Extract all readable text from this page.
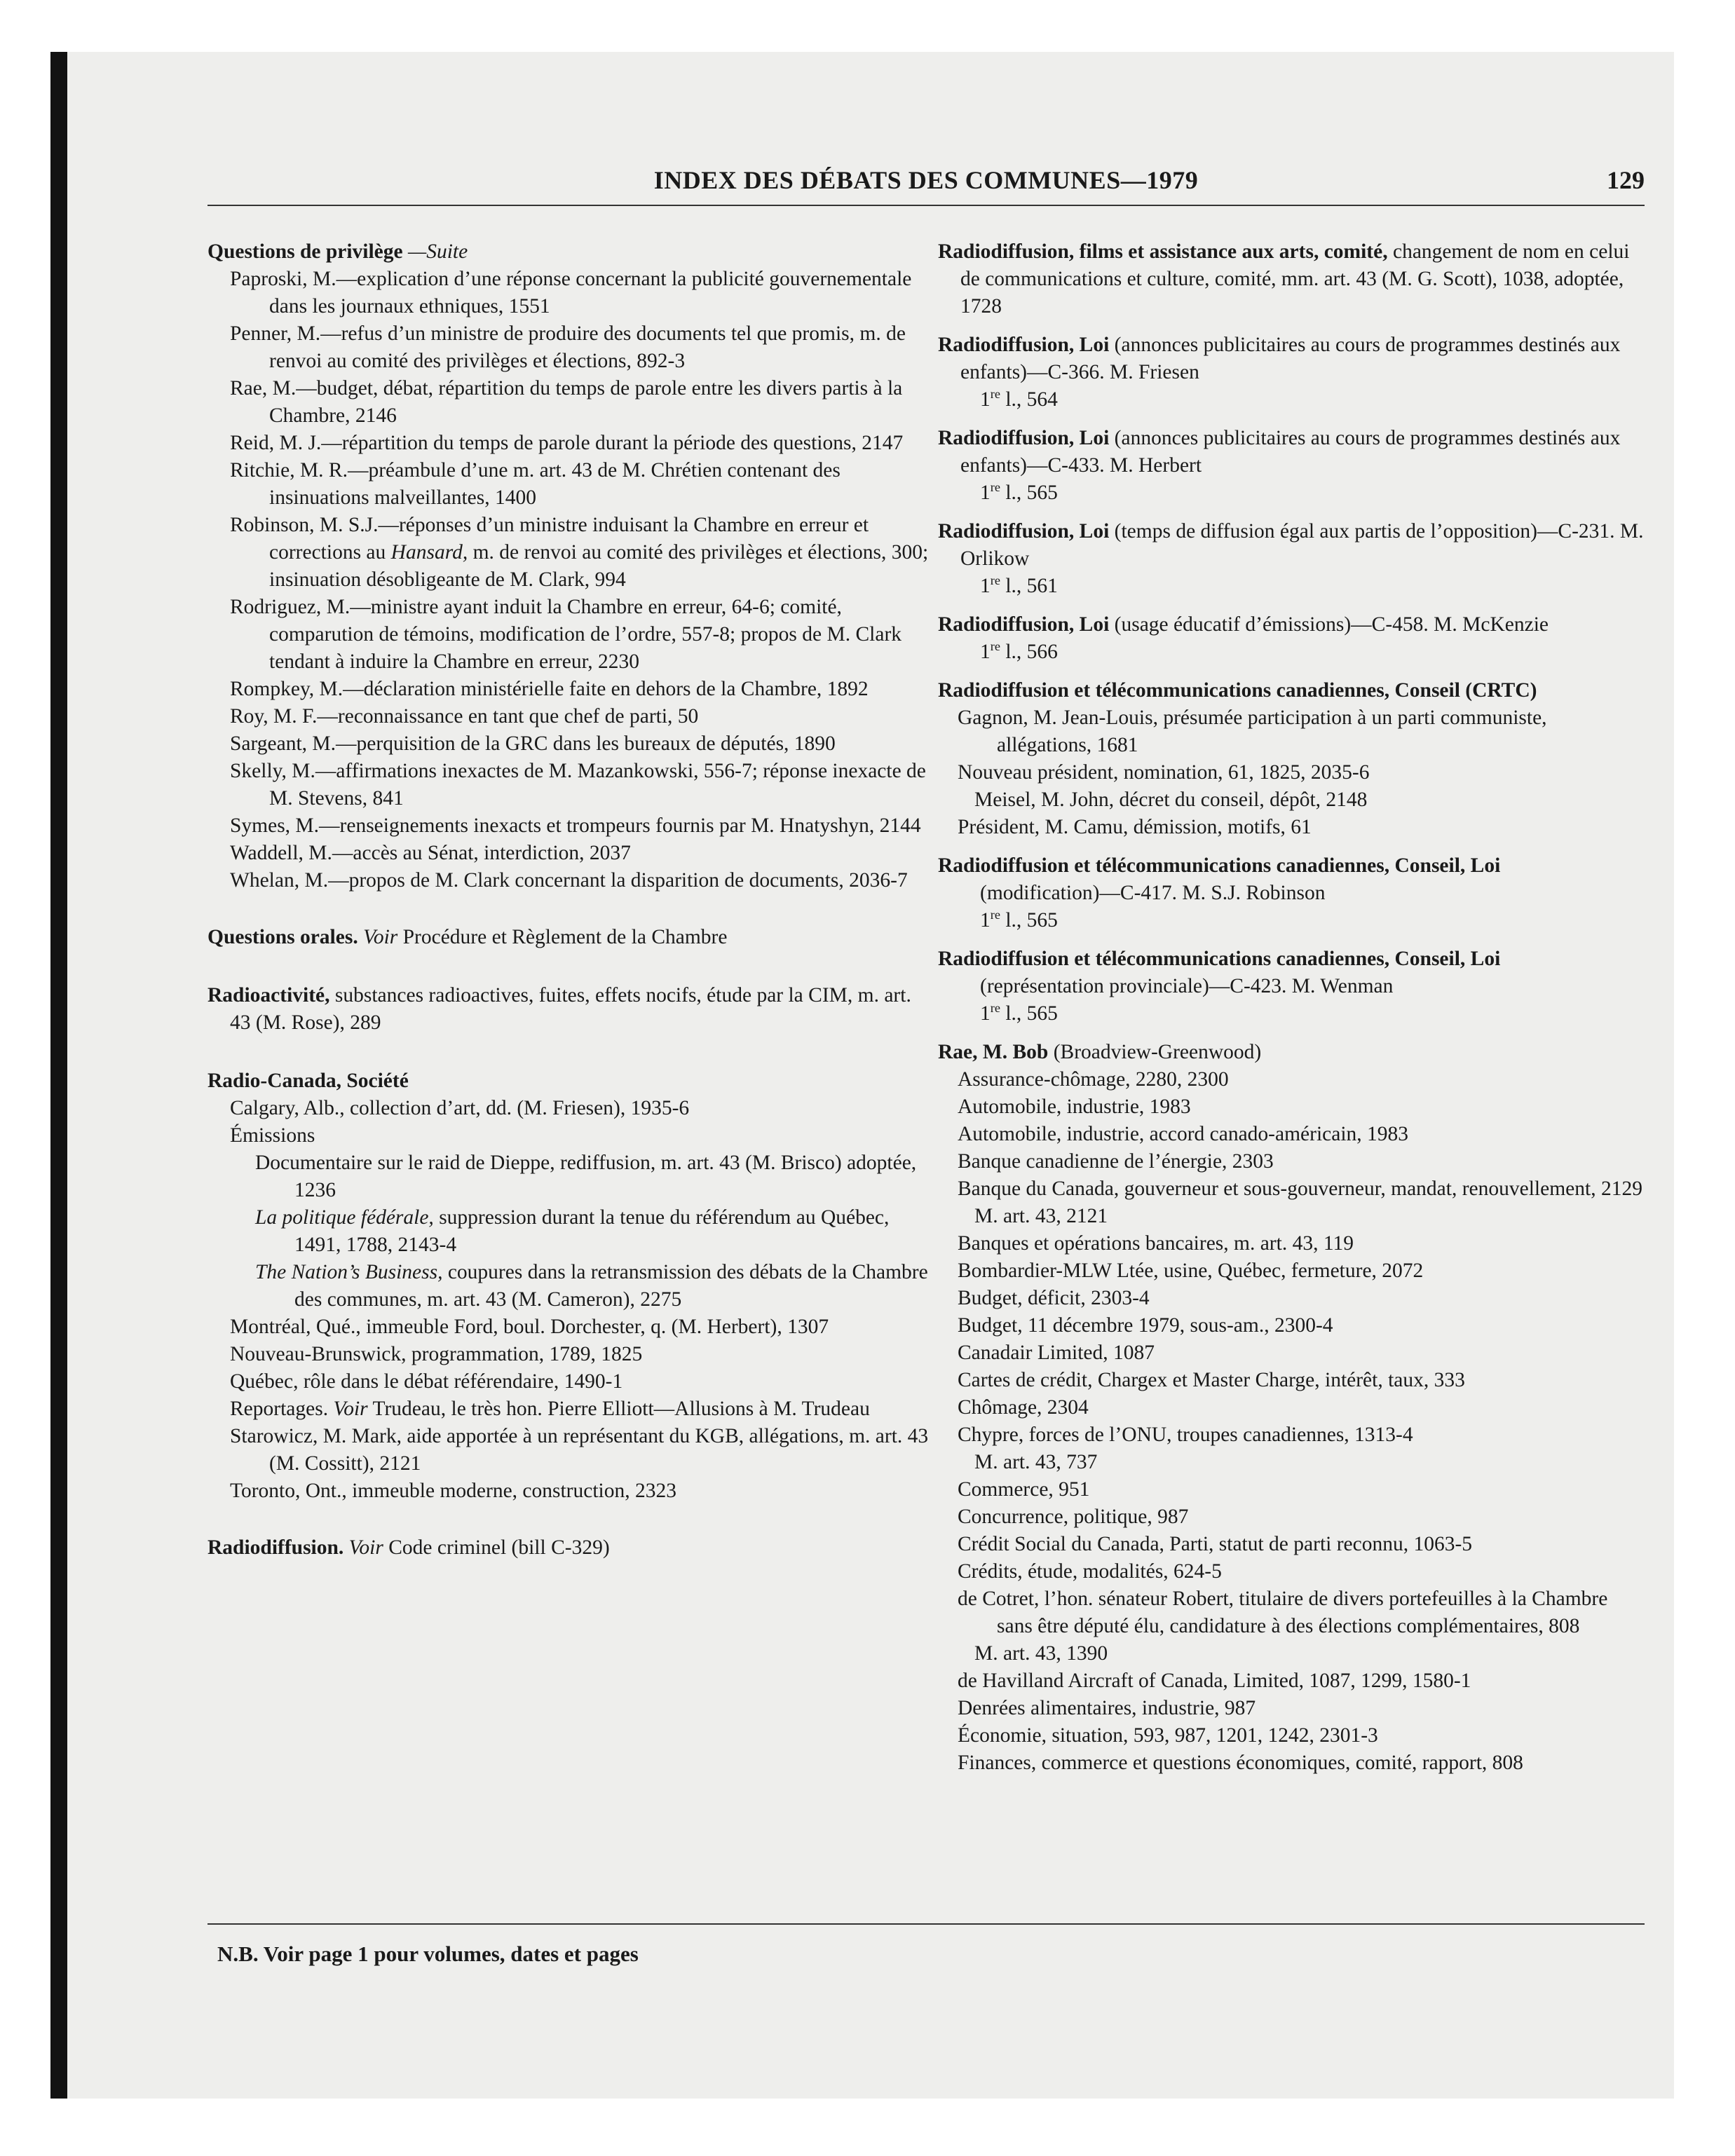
INDEX DES DÉBATS DES COMMUNES—1979	129

Questions de privilège —Suite

Paproski, M.—explication d’une réponse concernant la publicité gouvernementale dans les journaux ethniques, 1551

Penner, M.—refus d’un ministre de produire des documents tel que promis, m. de renvoi au comité des privilèges et élections, 892-3

Rae, M.—budget, débat, répartition du temps de parole entre les divers partis à la Chambre, 2146

Reid, M. J.—répartition du temps de parole durant la période des questions, 2147

Ritchie, M. R.—préambule d’une m. art. 43 de M. Chrétien contenant des insinuations malveillantes, 1400

Robinson, M. S.J.—réponses d’un ministre induisant la Chambre en erreur et corrections au Hansard, m. de renvoi au comité des privilèges et élections, 300; insinuation désobligeante de M. Clark, 994

Rodriguez, M.—ministre ayant induit la Chambre en erreur, 64-6; comité, comparution de témoins, modification de l’ordre, 557-8; propos de M. Clark tendant à induire la Chambre en erreur, 2230

Rompkey, M.—déclaration ministérielle faite en dehors de la Chambre, 1892

Roy, M. F.—reconnaissance en tant que chef de parti, 50

Sargeant, M.—perquisition de la GRC dans les bureaux de députés, 1890

Skelly, M.—affirmations inexactes de M. Mazankowski, 556-7; réponse inexacte de M. Stevens, 841

Symes, M.—renseignements inexacts et trompeurs fournis par M. Hnatyshyn, 2144

Waddell, M.—accès au Sénat, interdiction, 2037

Whelan, M.—propos de M. Clark concernant la disparition de documents, 2036-7

Questions orales. Voir Procédure et Règlement de la Chambre

Radioactivité, substances radioactives, fuites, effets nocifs, étude par la CIM, m. art. 43 (M. Rose), 289

Radio-Canada, Société

Calgary, Alb., collection d’art, dd. (M. Friesen), 1935-6

Émissions

Documentaire sur le raid de Dieppe, rediffusion, m. art. 43 (M. Brisco) adoptée, 1236

La politique fédérale, suppression durant la tenue du référendum au Québec, 1491, 1788, 2143-4

The Nation’s Business, coupures dans la retransmission des débats de la Chambre des communes, m. art. 43 (M. Cameron), 2275

Montréal, Qué., immeuble Ford, boul. Dorchester, q. (M. Herbert), 1307

Nouveau-Brunswick, programmation, 1789, 1825

Québec, rôle dans le débat référendaire, 1490-1

Reportages. Voir Trudeau, le très hon. Pierre Elliott—Allusions à M. Trudeau

Starowicz, M. Mark, aide apportée à un représentant du KGB, allégations, m. art. 43 (M. Cossitt), 2121

Toronto, Ont., immeuble moderne, construction, 2323

Radiodiffusion. Voir Code criminel (bill C-329)

Radiodiffusion, films et assistance aux arts, comité, changement de nom en celui de communications et culture, comité, mm. art. 43 (M. G. Scott), 1038, adoptée, 1728

Radiodiffusion, Loi (annonces publicitaires au cours de programmes destinés aux enfants)—C-366. M. Friesen

1re l., 564

Radiodiffusion, Loi (annonces publicitaires au cours de programmes destinés aux enfants)—C-433. M. Herbert

1re l., 565

Radiodiffusion, Loi (temps de diffusion égal aux partis de l’opposition)—C-231. M. Orlikow

1re l., 561

Radiodiffusion, Loi (usage éducatif d’émissions)—C-458. M. McKenzie

1re l., 566

Radiodiffusion et télécommunications canadiennes, Conseil (CRTC)

Gagnon, M. Jean-Louis, présumée participation à un parti communiste, allégations, 1681

Nouveau président, nomination, 61, 1825, 2035-6

Meisel, M. John, décret du conseil, dépôt, 2148

Président, M. Camu, démission, motifs, 61

Radiodiffusion et télécommunications canadiennes, Conseil, Loi

(modification)—C-417. M. S.J. Robinson

1re l., 565

Radiodiffusion et télécommunications canadiennes, Conseil, Loi

(représentation provinciale)—C-423. M. Wenman

1re l., 565

Rae, M. Bob (Broadview-Greenwood)

Assurance-chômage, 2280, 2300

Automobile, industrie, 1983

Automobile, industrie, accord canado-américain, 1983

Banque canadienne de l’énergie, 2303

Banque du Canada, gouverneur et sous-gouverneur, mandat, renouvellement, 2129

M. art. 43, 2121

Banques et opérations bancaires, m. art. 43, 119

Bombardier-MLW Ltée, usine, Québec, fermeture, 2072

Budget, déficit, 2303-4

Budget, 11 décembre 1979, sous-am., 2300-4

Canadair Limited, 1087

Cartes de crédit, Chargex et Master Charge, intérêt, taux, 333

Chômage, 2304

Chypre, forces de l’ONU, troupes canadiennes, 1313-4

M. art. 43, 737

Commerce, 951

Concurrence, politique, 987

Crédit Social du Canada, Parti, statut de parti reconnu, 1063-5

Crédits, étude, modalités, 624-5

de Cotret, l’hon. sénateur Robert, titulaire de divers portefeuilles à la Chambre sans être député élu, candidature à des élections complémentaires, 808

M. art. 43, 1390

de Havilland Aircraft of Canada, Limited, 1087, 1299, 1580-1

Denrées alimentaires, industrie, 987

Économie, situation, 593, 987, 1201, 1242, 2301-3

Finances, commerce et questions économiques, comité, rapport, 808

N.B. Voir page 1 pour volumes, dates et pages
